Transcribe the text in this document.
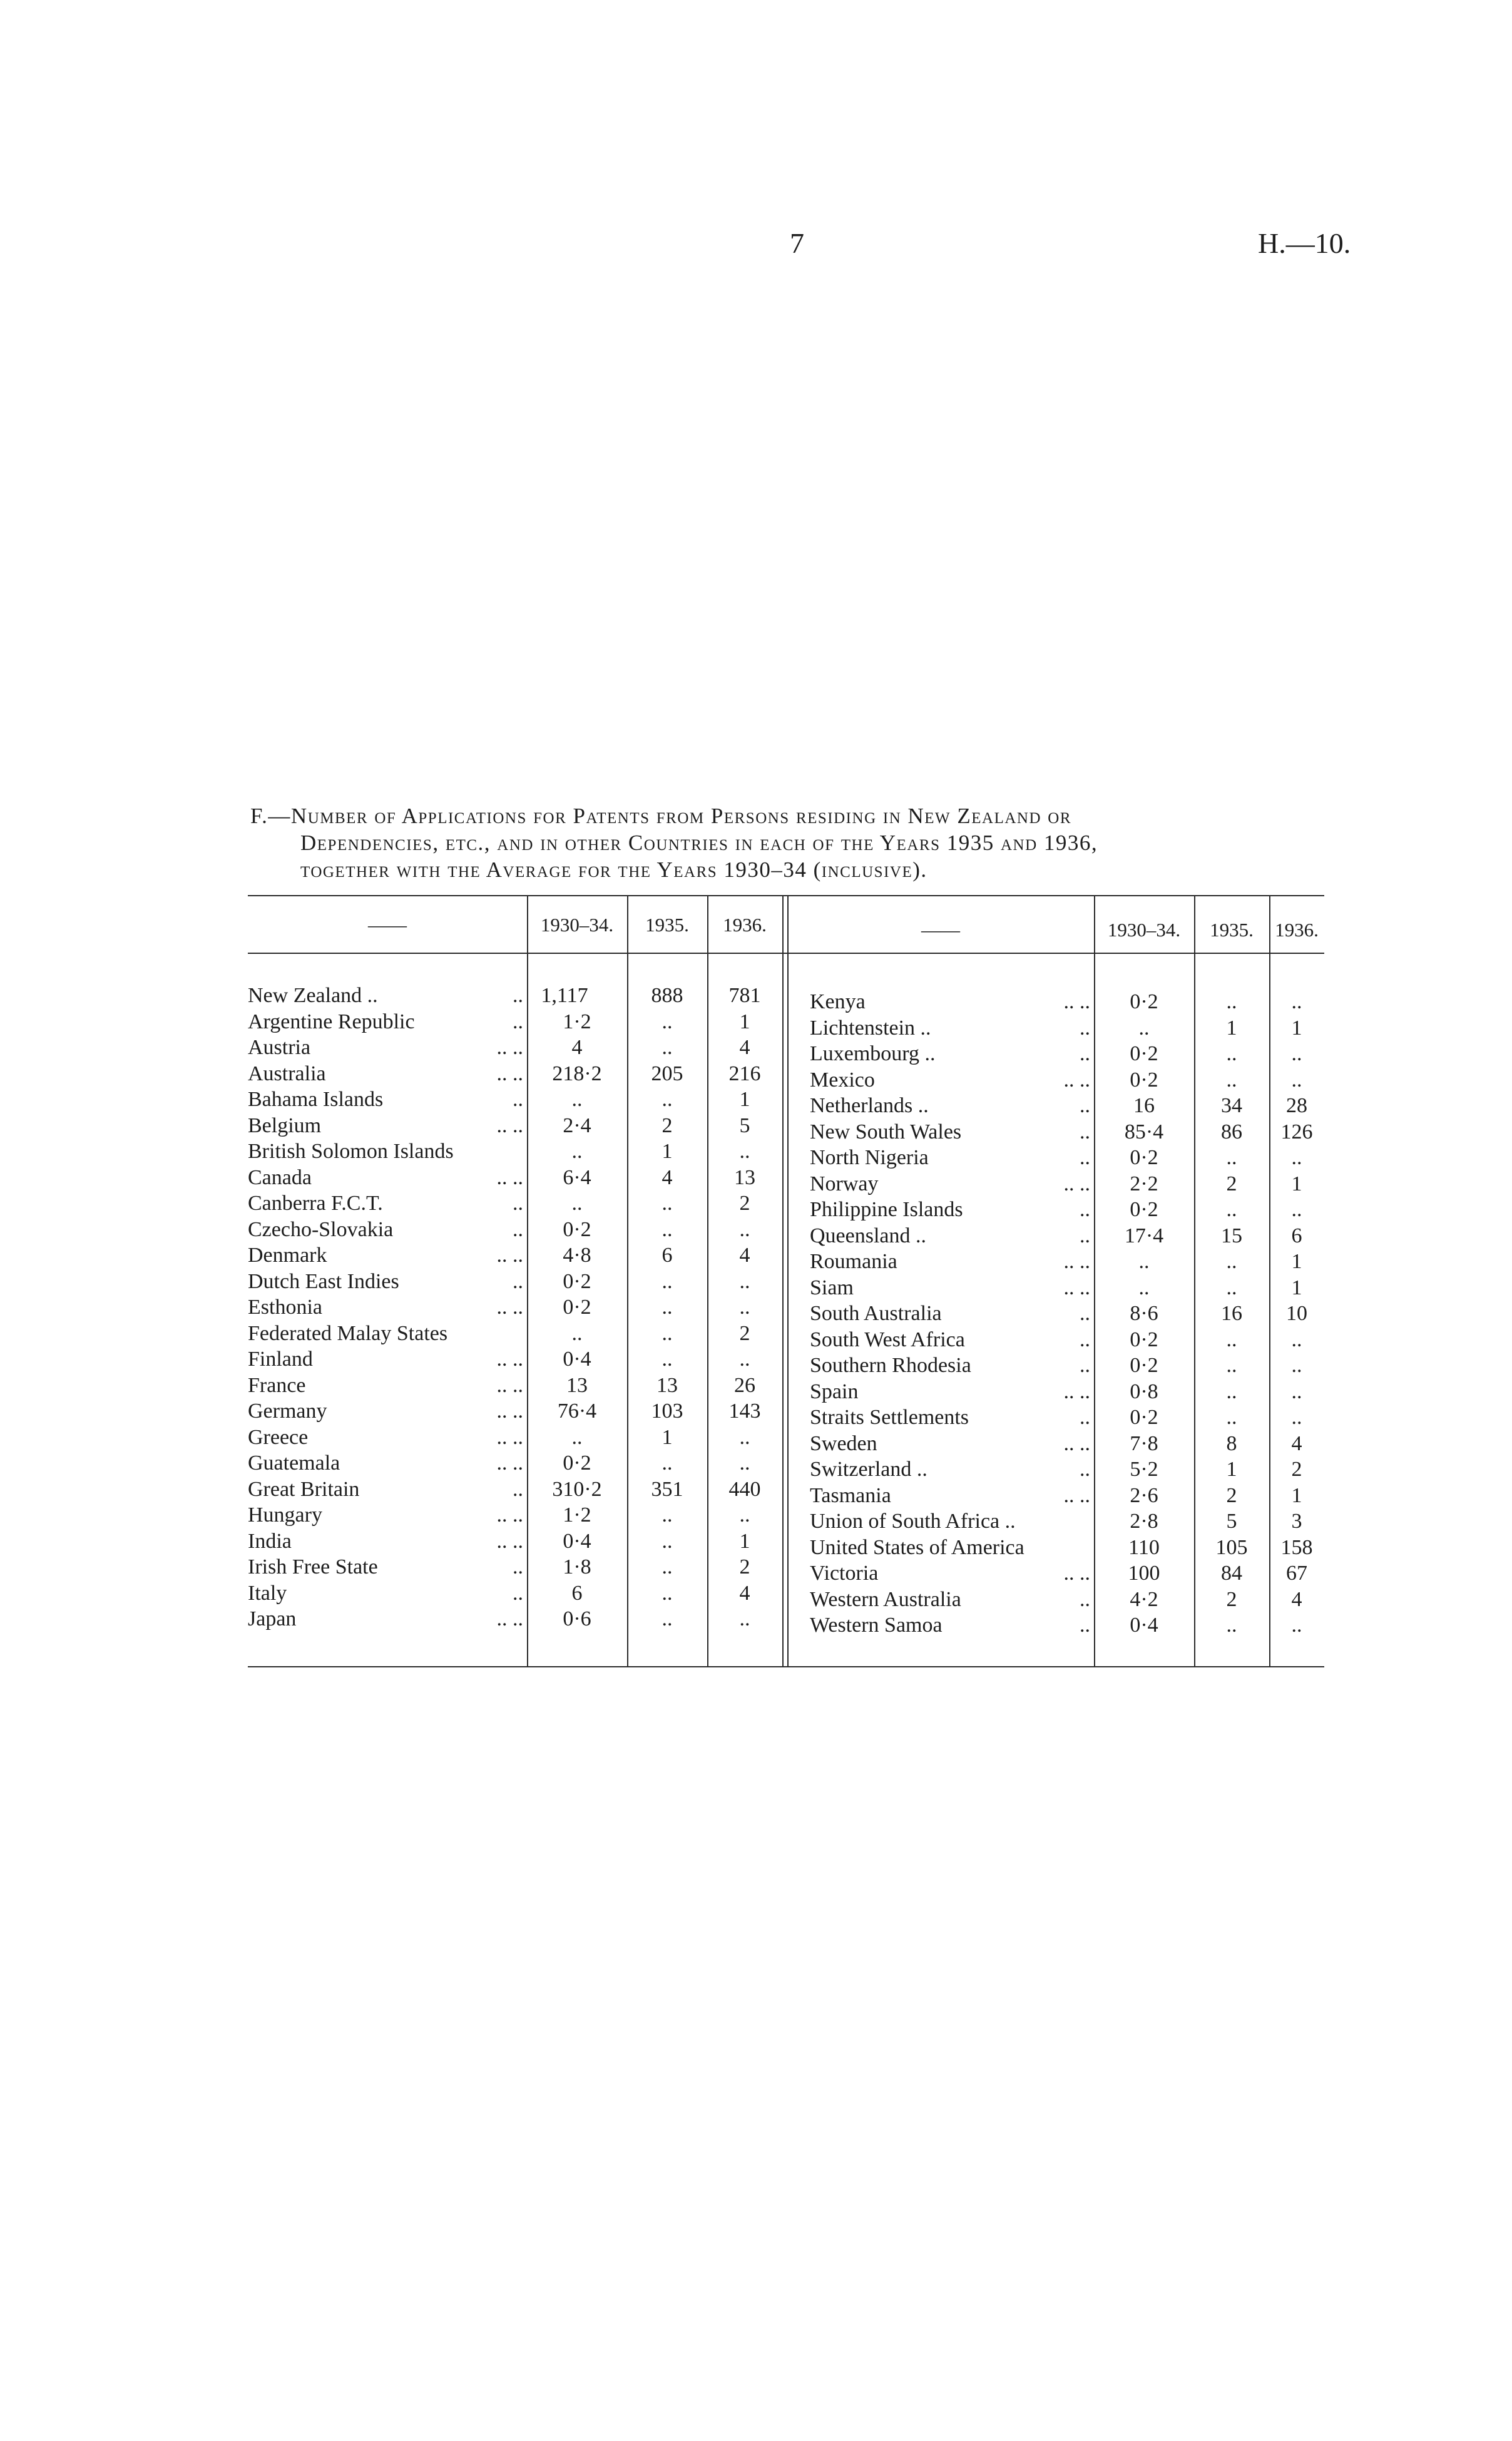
7	H.—10.
F.—Number of Applications for Patents from Persons residing in New Zealand or
Dependencies, etc., and in other Countries in each of the Years 1935 and 1936,
together with the Average for the Years 1930–34 (inclusive).
——	1930–34.	1935.	1936.	——	1930–34.	1935.	1936.
New Zealand ..	.. 1,117	888	781
Argentine Republic	..	1·2	..	1
Austria	.. ..	4	..	4
Australia	.. ..	218·2	205	216
Bahama Islands	..	..	..	1
Belgium	.. ..	2·4	2	5
British Solomon Islands	..	1	..
Canada	.. ..	6·4	4	13
Canberra F.C.T.	..	..	..	2
Czecho-Slovakia	..	0·2	..	..
Denmark	.. ..	4·8	6	4
Dutch East Indies	..	0·2	..	..
Esthonia	.. ..	0·2	..	..
Federated Malay States	..	..	2
Finland	.. ..	0·4	..	..
France	.. ..	13	13	26
Germany	.. ..	76·4	103	143
Greece	.. ..	..	1	..
Guatemala	.. ..	0·2	..	..
Great Britain	..	310·2	351	440
Hungary	.. ..	1·2	..	..
India	.. ..	0·4	..	1
Irish Free State	..	1·8	..	2
Italy	..	6	..	4
Japan	.. ..	0·6	..	..
Kenya	.. ..	0·2	..	..
Lichtenstein ..	..	..	1	1
Luxembourg ..	..	0·2	..	..
Mexico	.. ..	0·2	..	..
Netherlands ..	..	16	34	28
New South Wales	..	85·4	86	126
North Nigeria	..	0·2	..	..
Norway	.. ..	2·2	2	1
Philippine Islands	..	0·2	..	..
Queensland ..	..	17·4	15	6
Roumania	.. ..	..	..	1
Siam	.. ..	..	..	1
South Australia	..	8·6	16	10
South West Africa	..	0·2	..	..
Southern Rhodesia	..	0·2	..	..
Spain	.. ..	0·8	..	..
Straits Settlements	..	0·2	..	..
Sweden	.. ..	7·8	8	4
Switzerland ..	..	5·2	1	2
Tasmania	.. ..	2·6	2	1
Union of South Africa ..	2·8	5	3
United States of America	110	105	158
Victoria	.. ..	100	84	67
Western Australia	..	4·2	2	4
Western Samoa	..	0·4	..	..
